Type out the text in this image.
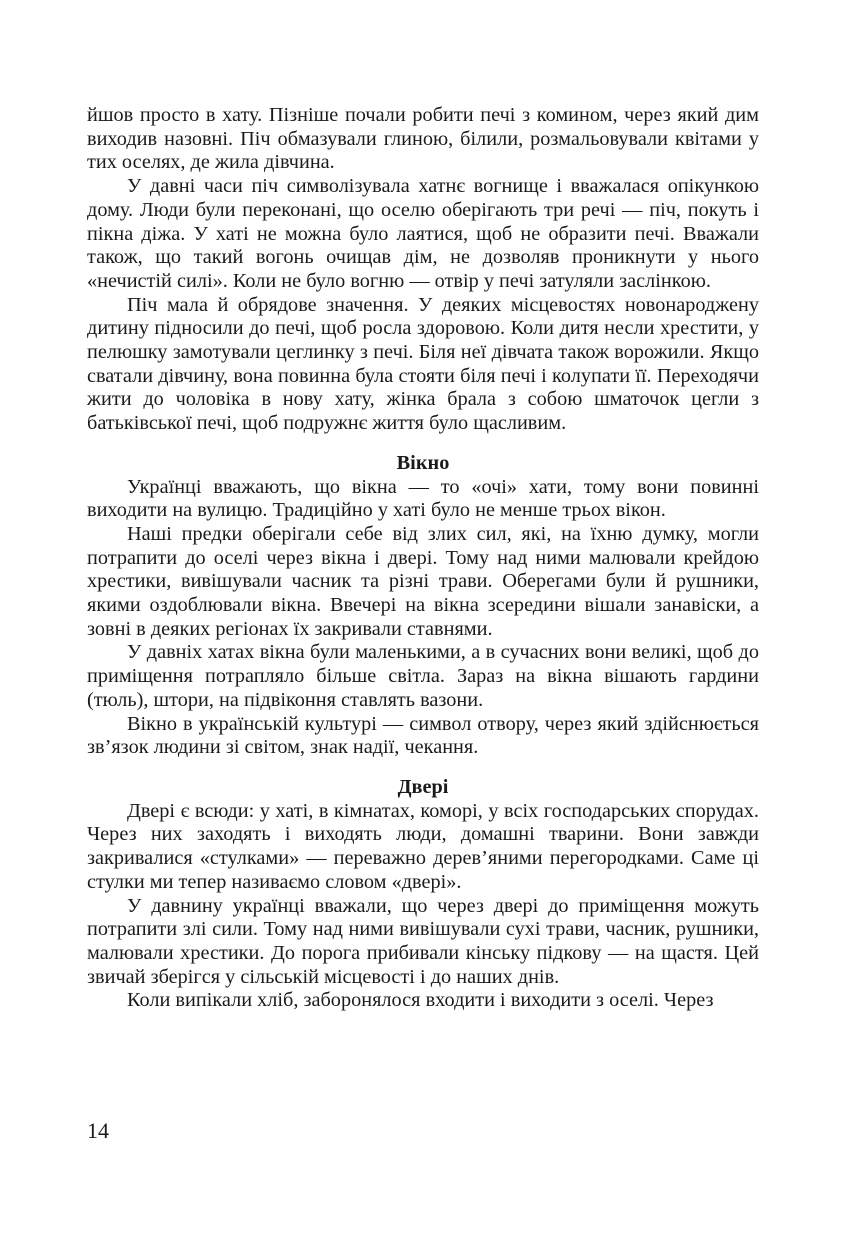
йшов просто в хату. Пізніше почали робити печі з комином, через який дим виходив назовні. Піч обмазували глиною, білили, розмальовували квітами у тих оселях, де жила дівчина.

У давні часи піч символізувала хатнє вогнище і вважалася опікункою дому. Люди були переконані, що оселю оберігають три речі — піч, покуть і пікна діжа. У хаті не можна було лаятися, щоб не образити печі. Вважали також, що такий вогонь очищав дім, не дозволяв проникнути у нього «нечистій силі». Коли не було вогню — отвір у печі затуляли заслінкою.

Піч мала й обрядове значення. У деяких місцевостях новонароджену дитину підносили до печі, щоб росла здоровою. Коли дитя несли хрестити, у пелюшку замотували цеглинку з печі. Біля неї дівчата також ворожили. Якщо сватали дівчину, вона повинна була стояти біля печі і колупати її. Переходячи жити до чоловіка в нову хату, жінка брала з собою шматочок цегли з батьківської печі, щоб подружнє життя було щасливим.

Вікно

Українці вважають, що вікна — то «очі» хати, тому вони повинні виходити на вулицю. Традиційно у хаті було не менше трьох вікон.

Наші предки оберігали себе від злих сил, які, на їхню думку, могли потрапити до оселі через вікна і двері. Тому над ними малювали крейдою хрестики, вивішували часник та різні трави. Оберегами були й рушники, якими оздоблювали вікна. Ввечері на вікна зсередини вішали занавіски, а зовні в деяких регіонах їх закривали ставнями.

У давніх хатах вікна були маленькими, а в сучасних вони великі, щоб до приміщення потрапляло більше світла. Зараз на вікна вішають гардини (тюль), штори, на підвіконня ставлять вазони.

Вікно в українській культурі — символ отвору, через який здійснюється зв’язок людини зі світом, знак надії, чекання.

Двері

Двері є всюди: у хаті, в кімнатах, коморі, у всіх господарських спорудах. Через них заходять і виходять люди, домашні тварини. Вони завжди закривалися «стулками» — переважно дерев’яними перегородками. Саме ці стулки ми тепер називаємо словом «двері».

У давнину українці вважали, що через двері до приміщення можуть потрапити злі сили. Тому над ними вивішували сухі трави, часник, рушники, малювали хрестики. До порога прибивали кінську підкову — на щастя. Цей звичай зберігся у сільській місцевості і до наших днів.

Коли випікали хліб, заборонялося входити і виходити з оселі. Через

14
